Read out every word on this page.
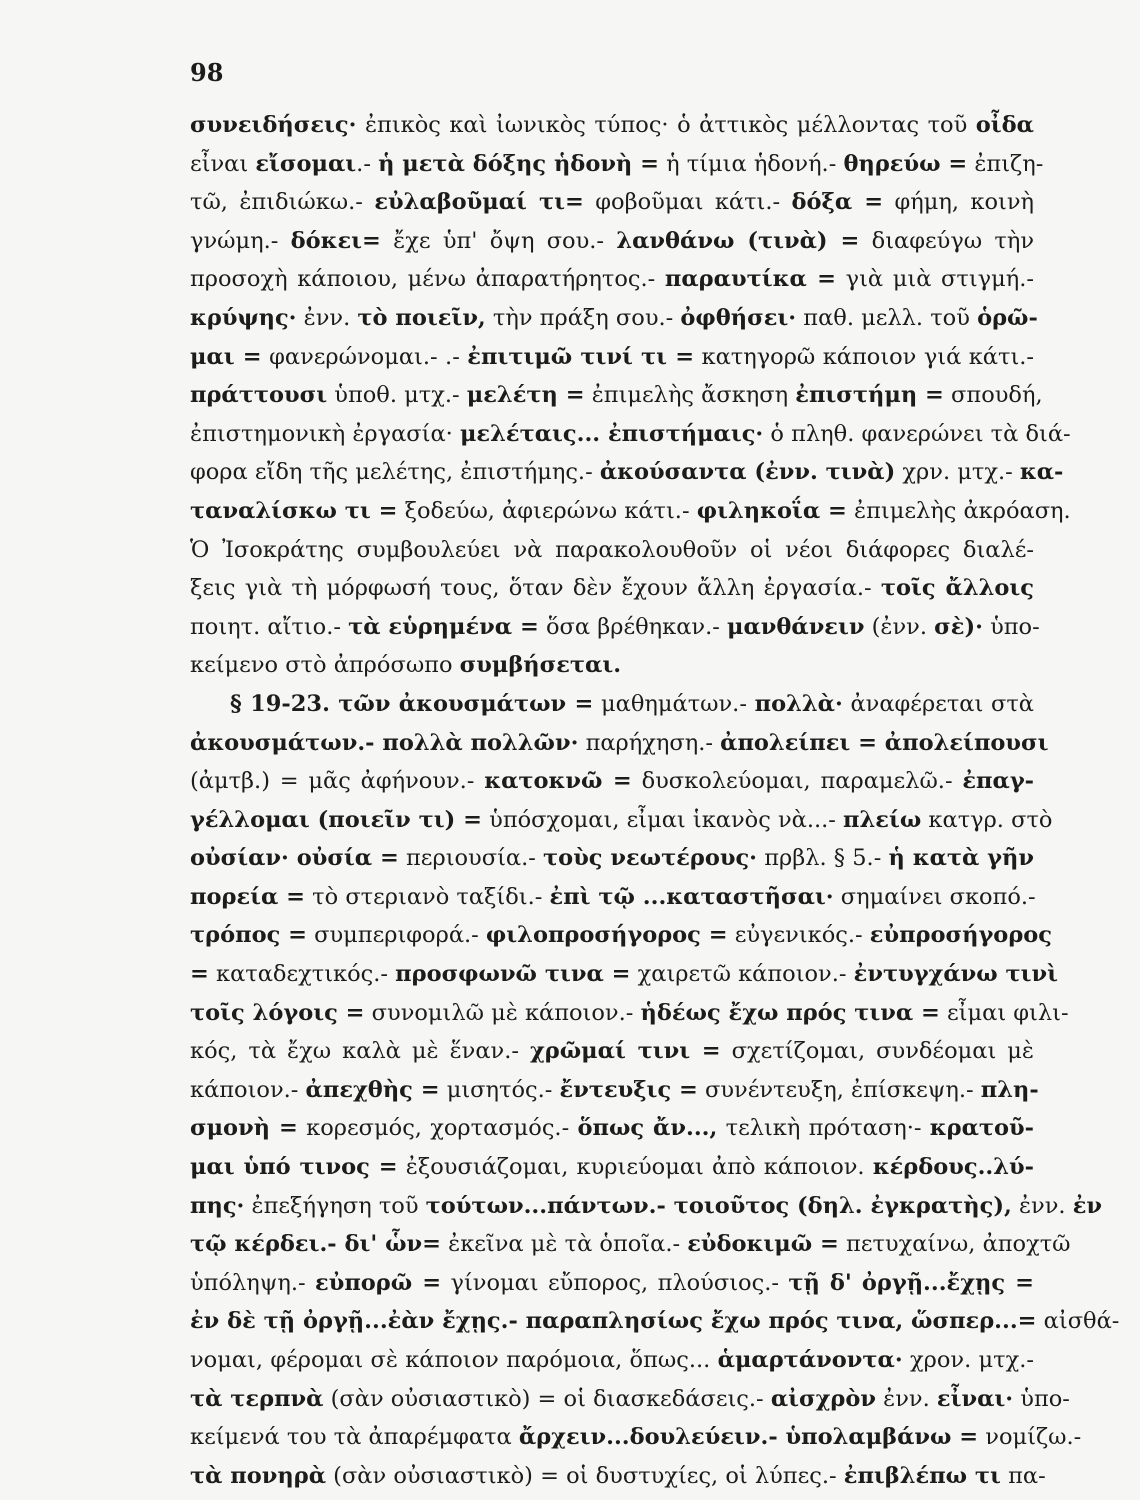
98
συνειδήσεις· ἐπικὸς καὶ ἰωνικὸς τύπος· ὁ ἀττικὸς μέλλοντας τοῦ οἶδα
εἶναι εἴσομαι.- ἡ μετὰ δόξης ἡδονὴ = ἡ τίμια ἡδονή.- θηρεύω = ἐπιζη-
τῶ, ἐπιδιώκω.- εὐλαβοῦμαί τι= φοβοῦμαι κάτι.- δόξα = φήμη, κοινὴ
γνώμη.- δόκει= ἔχε ὑπ' ὄψη σου.- λανθάνω (τινὰ) = διαφεύγω τὴν
προσοχὴ κάποιου, μένω ἀπαρατήρητος.- παραυτίκα = γιὰ μιὰ στιγμή.-
κρύψης· ἐνν. τὸ ποιεῖν, τὴν πράξη σου.- ὀφθήσει· παθ. μελλ. τοῦ ὁρῶ-
μαι = φανερώνομαι.- .- ἐπιτιμῶ τινί τι = κατηγορῶ κάποιον γιά κάτι.-
πράττουσι ὑποθ. μτχ.- μελέτη = ἐπιμελὴς ἄσκηση ἐπιστήμη = σπουδή,
ἐπιστημονικὴ ἐργασία· μελέταις... ἐπιστήμαις· ὁ πληθ. φανερώνει τὰ διά-
φορα εἴδη τῆς μελέτης, ἐπιστήμης.- ἀκούσαντα (ἐνν. τινὰ) χρν. μτχ.- κα-
ταναλίσκω τι = ξοδεύω, ἀφιερώνω κάτι.- φιληκοΐα = ἐπιμελὴς ἀκρόαση.
Ὁ Ἰσοκράτης συμβουλεύει νὰ παρακολουθοῦν οἱ νέοι διάφορες διαλέ-
ξεις γιὰ τὴ μόρφωσή τους, ὅταν δὲν ἔχουν ἄλλη ἐργασία.- τοῖς ἄλλοις
ποιητ. αἴτιο.- τὰ εὑρημένα = ὅσα βρέθηκαν.- μανθάνειν (ἐνν. σὲ)· ὑπο-
κείμενο στὸ ἀπρόσωπο συμβήσεται.
§ 19-23. τῶν ἀκουσμάτων = μαθημάτων.- πολλὰ· ἀναφέρεται στὰ
ἀκουσμάτων.- πολλὰ πολλῶν· παρήχηση.- ἀπολείπει = ἀπολείπουσι
(ἀμτβ.) = μᾶς ἀφήνουν.- κατοκνῶ = δυσκολεύομαι, παραμελῶ.- ἐπαγ-
γέλλομαι (ποιεῖν τι) = ὑπόσχομαι, εἶμαι ἱκανὸς νὰ...- πλείω κατγρ. στὸ
οὐσίαν· οὐσία = περιουσία.- τοὺς νεωτέρους· πρβλ. § 5.- ἡ κατὰ γῆν
πορεία = τὸ στεριανὸ ταξίδι.- ἐπὶ τῷ ...καταστῆσαι· σημαίνει σκοπό.-
τρόπος = συμπεριφορά.- φιλοπροσήγορος = εὐγενικός.- εὐπροσήγορος
= καταδεχτικός.- προσφωνῶ τινα = χαιρετῶ κάποιον.- ἐντυγχάνω τινὶ
τοῖς λόγοις = συνομιλῶ μὲ κάποιον.- ἡδέως ἔχω πρός τινα = εἶμαι φιλι-
κός, τὰ ἔχω καλὰ μὲ ἕναν.- χρῶμαί τινι = σχετίζομαι, συνδέομαι μὲ
κάποιον.- ἀπεχθὴς = μισητός.- ἔντευξις = συνέντευξη, ἐπίσκεψη.- πλη-
σμονὴ = κορεσμός, χορτασμός.- ὅπως ἄν..., τελικὴ πρόταση·- κρατοῦ-
μαι ὑπό τινος = ἐξουσιάζομαι, κυριεύομαι ἀπὸ κάποιον. κέρδους..λύ-
πης· ἐπεξήγηση τοῦ τούτων...πάντων.- τοιοῦτος (δηλ. ἐγκρατὴς), ἐνν. ἐν
τῷ κέρδει.- δι' ὧν= ἐκεῖνα μὲ τὰ ὁποῖα.- εὐδοκιμῶ = πετυχαίνω, ἀποχτῶ
ὑπόληψη.- εὐπορῶ = γίνομαι εὔπορος, πλούσιος.- τῇ δ' ὀργῇ...ἔχῃς =
ἐν δὲ τῇ ὀργῇ...ἐὰν ἔχῃς.- παραπλησίως ἔχω πρός τινα, ὥσπερ...= αἰσθά-
νομαι, φέρομαι σὲ κάποιον παρόμοια, ὅπως... ἁμαρτάνοντα· χρον. μτχ.-
τὰ τερπνὰ (σὰν οὐσιαστικὸ) = οἱ διασκεδάσεις.- αἰσχρὸν ἐνν. εἶναι· ὑπο-
κείμενά του τὰ ἀπαρέμφατα ἄρχειν...δουλεύειν.- ὑπολαμβάνω = νομίζω.-
τὰ πονηρὰ (σὰν οὐσιαστικὸ) = οἱ δυστυχίες, οἱ λύπες.- ἐπιβλέπω τι πα-
